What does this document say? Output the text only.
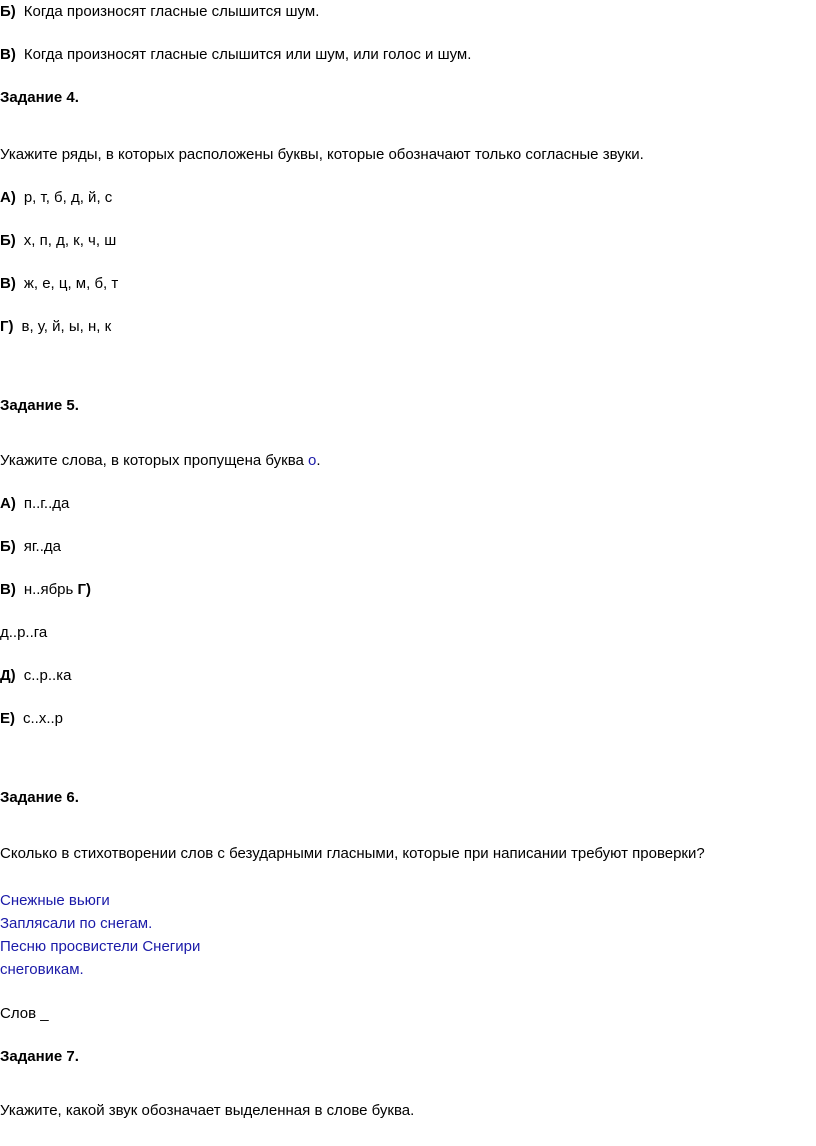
Б) Когда произносят гласные слышится шум.
В) Когда произносят гласные слышится или шум, или голос и шум.
Задание 4.
Укажите ряды, в которых расположены буквы, которые обозначают только согласные звуки.
А) р, т, б, д, й, с
Б) х, п, д, к, ч, ш
В) ж, е, ц, м, б, т
Г) в, у, й, ы, н, к
Задание 5.
Укажите слова, в которых пропущена буква о.
А) п..г..да
Б) яг..да
В) н..ябрь Г)
д..р..га
Д) с..р..ка
Е) с..х..р
Задание 6.
Сколько в стихотворении слов с безударными гласными, которые при написании требуют проверки?
Снежные вьюги
Заплясали по снегам.
Песню просвистели Снегири
снеговикам.
Слов _
Задание 7.
Укажите, какой звук обозначает выделенная в слове буква.
